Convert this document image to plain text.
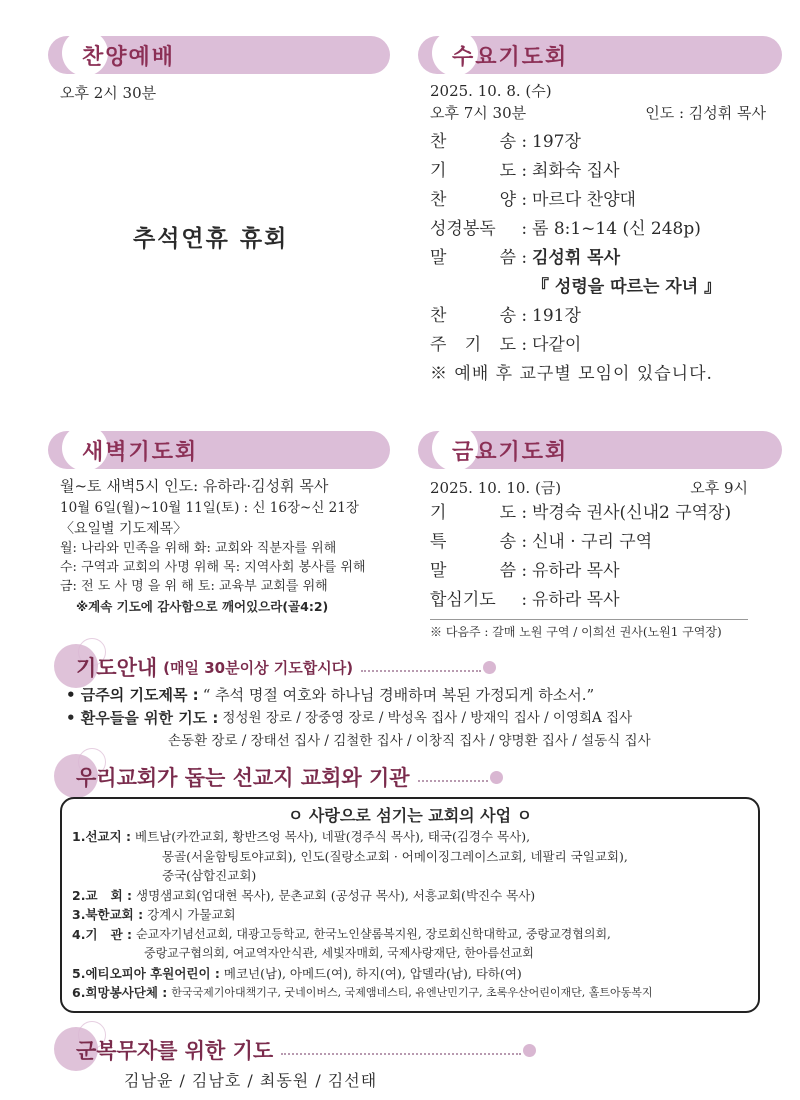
찬양예배
오후 2시 30분
추석연휴 휴회
수요기도회
2025. 10. 8. (수)
오후 7시 30분	인도 : 김성휘 목사
찬	송 : 197장
기	도 : 최화숙 집사
찬	양 : 마르다 찬양대
성경봉독 : 롬 8:1~14 (신 248p)
말	씀 : 김성휘 목사
『 성령을 따르는 자녀 』
찬	송 : 191장
주 기 도 : 다같이
※ 예배 후 교구별 모임이 있습니다.
새벽기도회
월~토 새벽5시 인도: 유하라·김성휘 목사
10월 6일(월)~10월 11일(토) : 신 16장~신 21장
〈요일별 기도제목〉
월: 나라와 민족을 위해 화: 교회와 직분자를 위해
수: 구역과 교회의 사명 위해 목: 지역사회 봉사를 위해
금: 전 도 사 명 을 위 해 토: 교육부 교회를 위해
※계속 기도에 감사함으로 깨어있으라(골4:2)
금요기도회
2025. 10. 10. (금)	오후 9시
기	도 : 박경숙 권사(신내2 구역장)
특	송 : 신내 · 구리 구역
말	씀 : 유하라 목사
합심기도 : 유하라 목사
※ 다음주 : 갈매 노원 구역 / 이희선 권사(노원1 구역장)
기도안내 (매일 30분이상 기도합시다)
• 금주의 기도제목 : “ 추석 명절 여호와 하나님 경배하며 복된 가정되게 하소서.”
• 환우들을 위한 기도 : 정성원 장로 / 장중영 장로 / 박성옥 집사 / 방재익 집사 / 이영희A 집사
손동환 장로 / 장태선 집사 / 김철한 집사 / 이창직 집사 / 양명환 집사 / 설동식 집사
우리교회가 돕는 선교지 교회와 기관
ㅇ 사랑으로 섬기는 교회의 사업 ㅇ
1.선교지 : 베트남(카깐교회, 황반즈엉 목사), 네팔(경주식 목사), 태국(김경수 목사),
몽골(서울함팅토야교회), 인도(질랑소교회 · 어메이징그레이스교회, 네팔리 국일교회),
중국(삼합진교회)
2.교   회 : 생명샘교회(엄대현 목사), 문촌교회 (공성규 목사), 서흥교회(박진수 목사)
3.북한교회 : 강계시 가물교회
4.기   관 : 순교자기념선교회, 대광고등학교, 한국노인샬롬복지원, 장로회신학대학교, 중랑교경협의회,
중랑교구협의회, 여교역자안식관, 세빛자매회, 국제사랑재단, 한아름선교회
5.에티오피아 후원어린이 : 메코넌(남), 아메드(여), 하지(여), 압델라(남), 타하(여)
6.희망봉사단체 : 한국국제기아대책기구, 굿네이버스, 국제앰네스티, 유엔난민기구, 초록우산어린이재단, 홀트아동복지
군복무자를 위한 기도
김남윤 / 김남호 / 최동원 / 김선태
